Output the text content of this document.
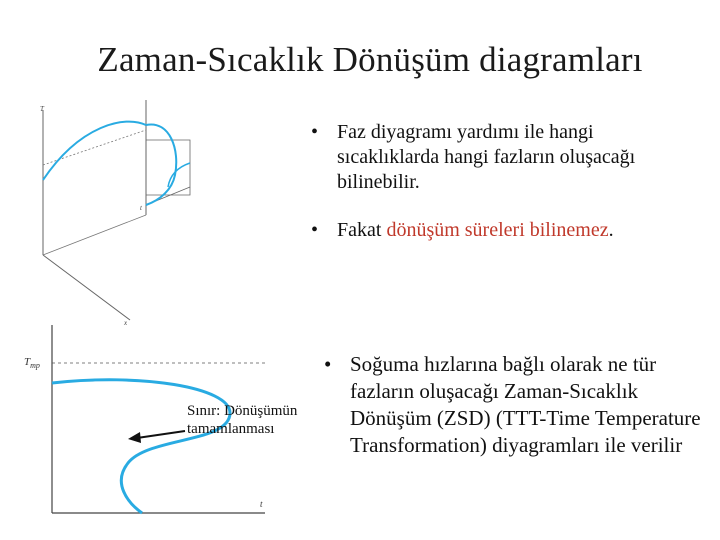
Zaman-Sıcaklık Dönüşüm diagramları
T
t
x
$T_{mp}$
t
Sınır: Dönüşümün tamamlanması
• Faz diyagramı yardımı ile hangi sıcaklıklarda hangi fazların oluşacağı bilinebilir.
• Fakat dönüşüm süreleri bilinemez.
• Soğuma hızlarına bağlı olarak ne tür fazların oluşacağı Zaman-Sıcaklık Dönüşüm (ZSD) (TTT-Time Temperature Transformation) diyagramları ile verilir
